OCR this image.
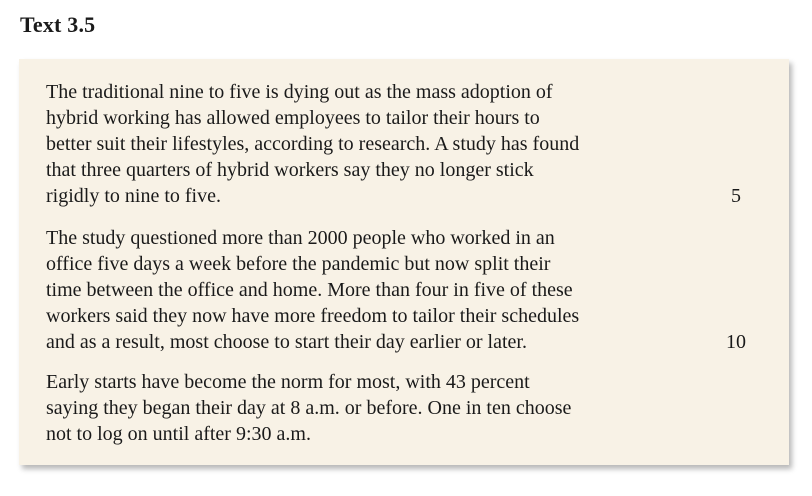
Text 3.5
The traditional nine to five is dying out as the mass adoption of
hybrid working has allowed employees to tailor their hours to
better suit their lifestyles, according to research. A study has found
that three quarters of hybrid workers say they no longer stick
rigidly to nine to five.	5
The study questioned more than 2000 people who worked in an
office five days a week before the pandemic but now split their
time between the office and home. More than four in five of these
workers said they now have more freedom to tailor their schedules
and as a result, most choose to start their day earlier or later.	10
Early starts have become the norm for most, with 43 percent
saying they began their day at 8 a.m. or before. One in ten choose
not to log on until after 9:30 a.m.
